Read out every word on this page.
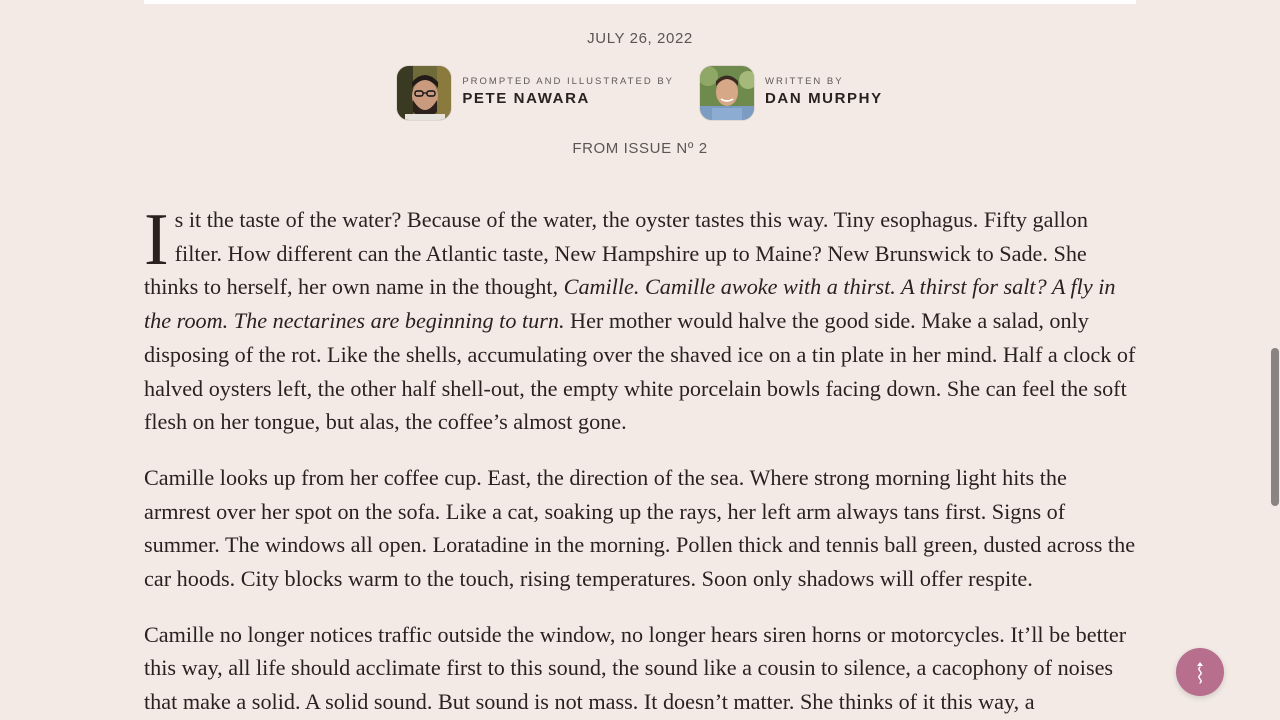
JULY 26, 2022
PROMPTED AND ILLUSTRATED BY
PETE NAWARA
WRITTEN BY
DAN MURPHY
FROM ISSUE Nº 2

Is it the taste of the water? Because of the water, the oyster tastes this way. Tiny esophagus. Fifty gallon filter. How different can the Atlantic taste, New Hampshire up to Maine? New Brunswick to Sade. She thinks to herself, her own name in the thought, Camille. Camille awoke with a thirst. A thirst for salt? A fly in the room. The nectarines are beginning to turn. Her mother would halve the good side. Make a salad, only disposing of the rot. Like the shells, accumulating over the shaved ice on a tin plate in her mind. Half a clock of halved oysters left, the other half shell-out, the empty white porcelain bowls facing down. She can feel the soft flesh on her tongue, but alas, the coffee’s almost gone.

Camille looks up from her coffee cup. East, the direction of the sea. Where strong morning light hits the armrest over her spot on the sofa. Like a cat, soaking up the rays, her left arm always tans first. Signs of summer. The windows all open. Loratadine in the morning. Pollen thick and tennis ball green, dusted across the car hoods. City blocks warm to the touch, rising temperatures. Soon only shadows will offer respite.

Camille no longer notices traffic outside the window, no longer hears siren horns or motorcycles. It’ll be better this way, all life should acclimate first to this sound, the sound like a cousin to silence, a cacophony of noises that make a solid. A solid sound. But sound is not mass. It doesn’t matter. She thinks of it this way, a
